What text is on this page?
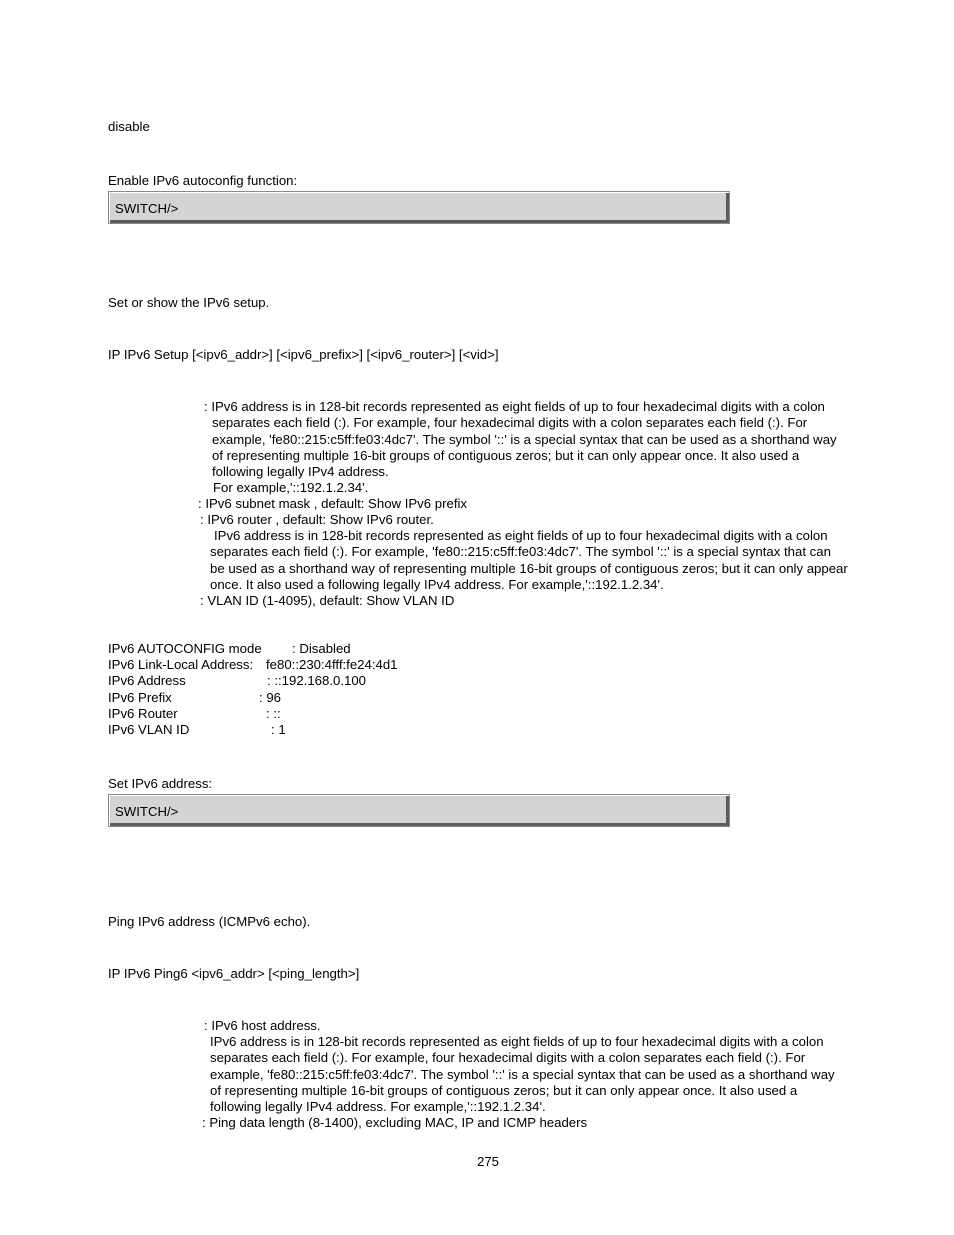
disable

Enable IPv6 autoconfig function:

SWITCH/>

Set or show the IPv6 setup.

IP IPv6 Setup [<ipv6_addr>] [<ipv6_prefix>] [<ipv6_router>] [<vid>]

: IPv6 address is in 128-bit records represented as eight fields of up to four hexadecimal digits with a colon

separates each field (:). For example, four hexadecimal digits with a colon separates each field (:). For

example, 'fe80::215:c5ff:fe03:4dc7'. The symbol '::' is a special syntax that can be used as a shorthand way

of representing multiple 16-bit groups of contiguous zeros; but it can only appear once. It also used a

following legally IPv4 address.

For example,'::192.1.2.34'.

: IPv6 subnet mask , default: Show IPv6 prefix

: IPv6 router , default: Show IPv6 router.

IPv6 address is in 128-bit records represented as eight fields of up to four hexadecimal digits with a colon

separates each field (:). For example, 'fe80::215:c5ff:fe03:4dc7'. The symbol '::' is a special syntax that can

be used as a shorthand way of representing multiple 16-bit groups of contiguous zeros; but it can only appear

once. It also used a following legally IPv4 address. For example,'::192.1.2.34'.

: VLAN ID (1-4095), default: Show VLAN ID

IPv6 AUTOCONFIG mode : Disabled

IPv6 Link-Local Address: fe80::230:4fff:fe24:4d1

IPv6 Address	: ::192.168.0.100

IPv6 Prefix	: 96

IPv6 Router	: ::

IPv6 VLAN ID	: 1

Set IPv6 address:

SWITCH/>

Ping IPv6 address (ICMPv6 echo).

IP IPv6 Ping6 <ipv6_addr> [<ping_length>]

: IPv6 host address.

IPv6 address is in 128-bit records represented as eight fields of up to four hexadecimal digits with a colon

separates each field (:). For example, four hexadecimal digits with a colon separates each field (:). For

example, 'fe80::215:c5ff:fe03:4dc7'. The symbol '::' is a special syntax that can be used as a shorthand way

of representing multiple 16-bit groups of contiguous zeros; but it can only appear once. It also used a

following legally IPv4 address. For example,'::192.1.2.34'.

: Ping data length (8-1400), excluding MAC, IP and ICMP headers

275
